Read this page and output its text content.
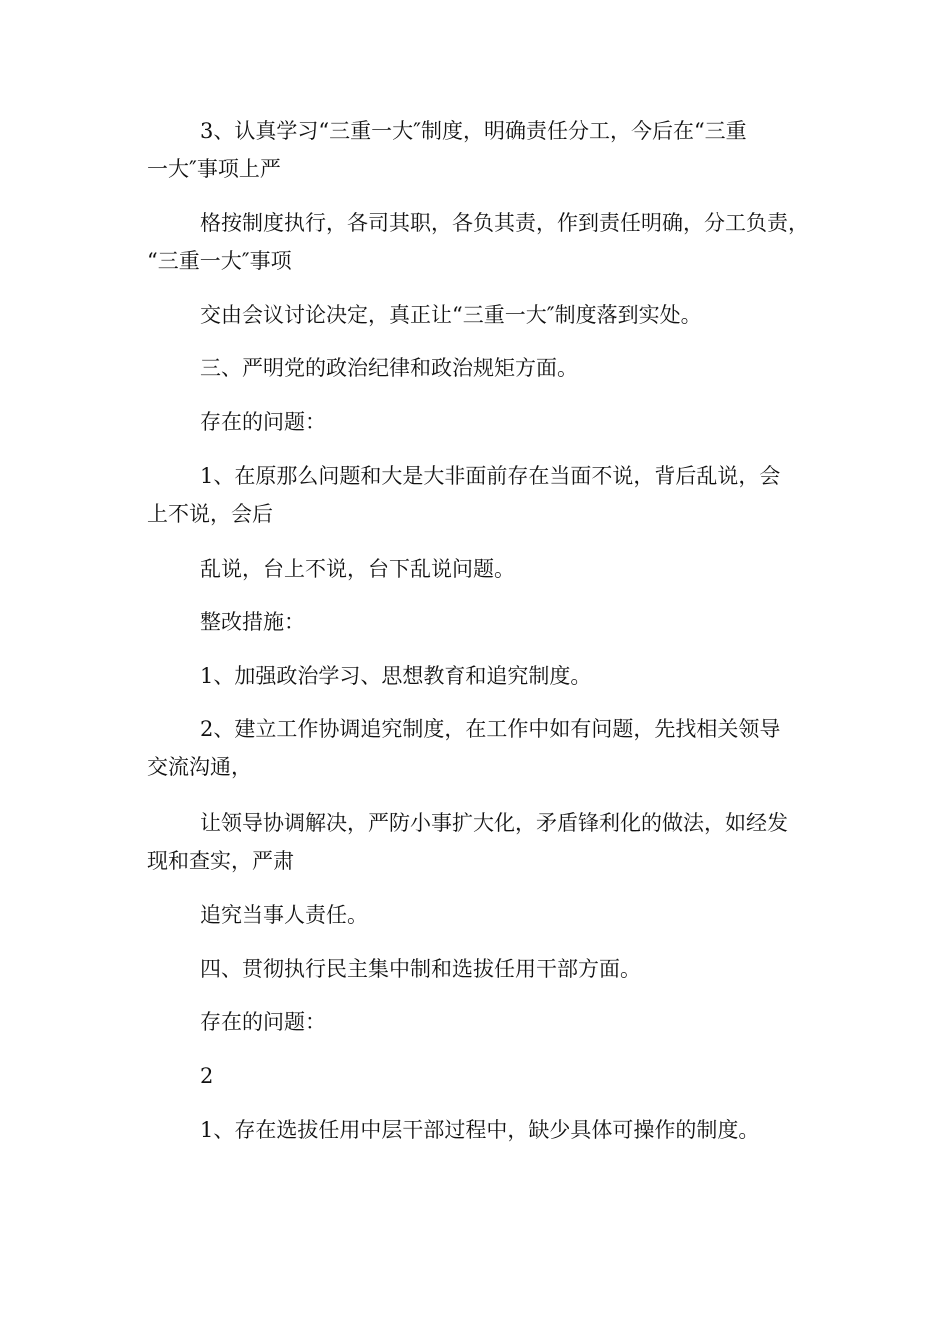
3、认真学习“三重一大″制度，明确责任分工，今后在“三重
一大″事项上严
格按制度执行，各司其职，各负其责，作到责任明确，分工负责，
“三重一大″事项
交由会议讨论决定，真正让“三重一大″制度落到实处。
三、严明党的政治纪律和政治规矩方面。
存在的问题：
1、在原那么问题和大是大非面前存在当面不说，背后乱说，会
上不说，会后
乱说，台上不说，台下乱说问题。
整改措施：
1、加强政治学习、思想教育和追究制度。
2、建立工作协调追究制度，在工作中如有问题，先找相关领导
交流沟通，
让领导协调解决，严防小事扩大化，矛盾锋利化的做法，如经发
现和查实，严肃
追究当事人责任。
四、贯彻执行民主集中制和选拔任用干部方面。
存在的问题：
2
1、存在选拔任用中层干部过程中，缺少具体可操作的制度。
